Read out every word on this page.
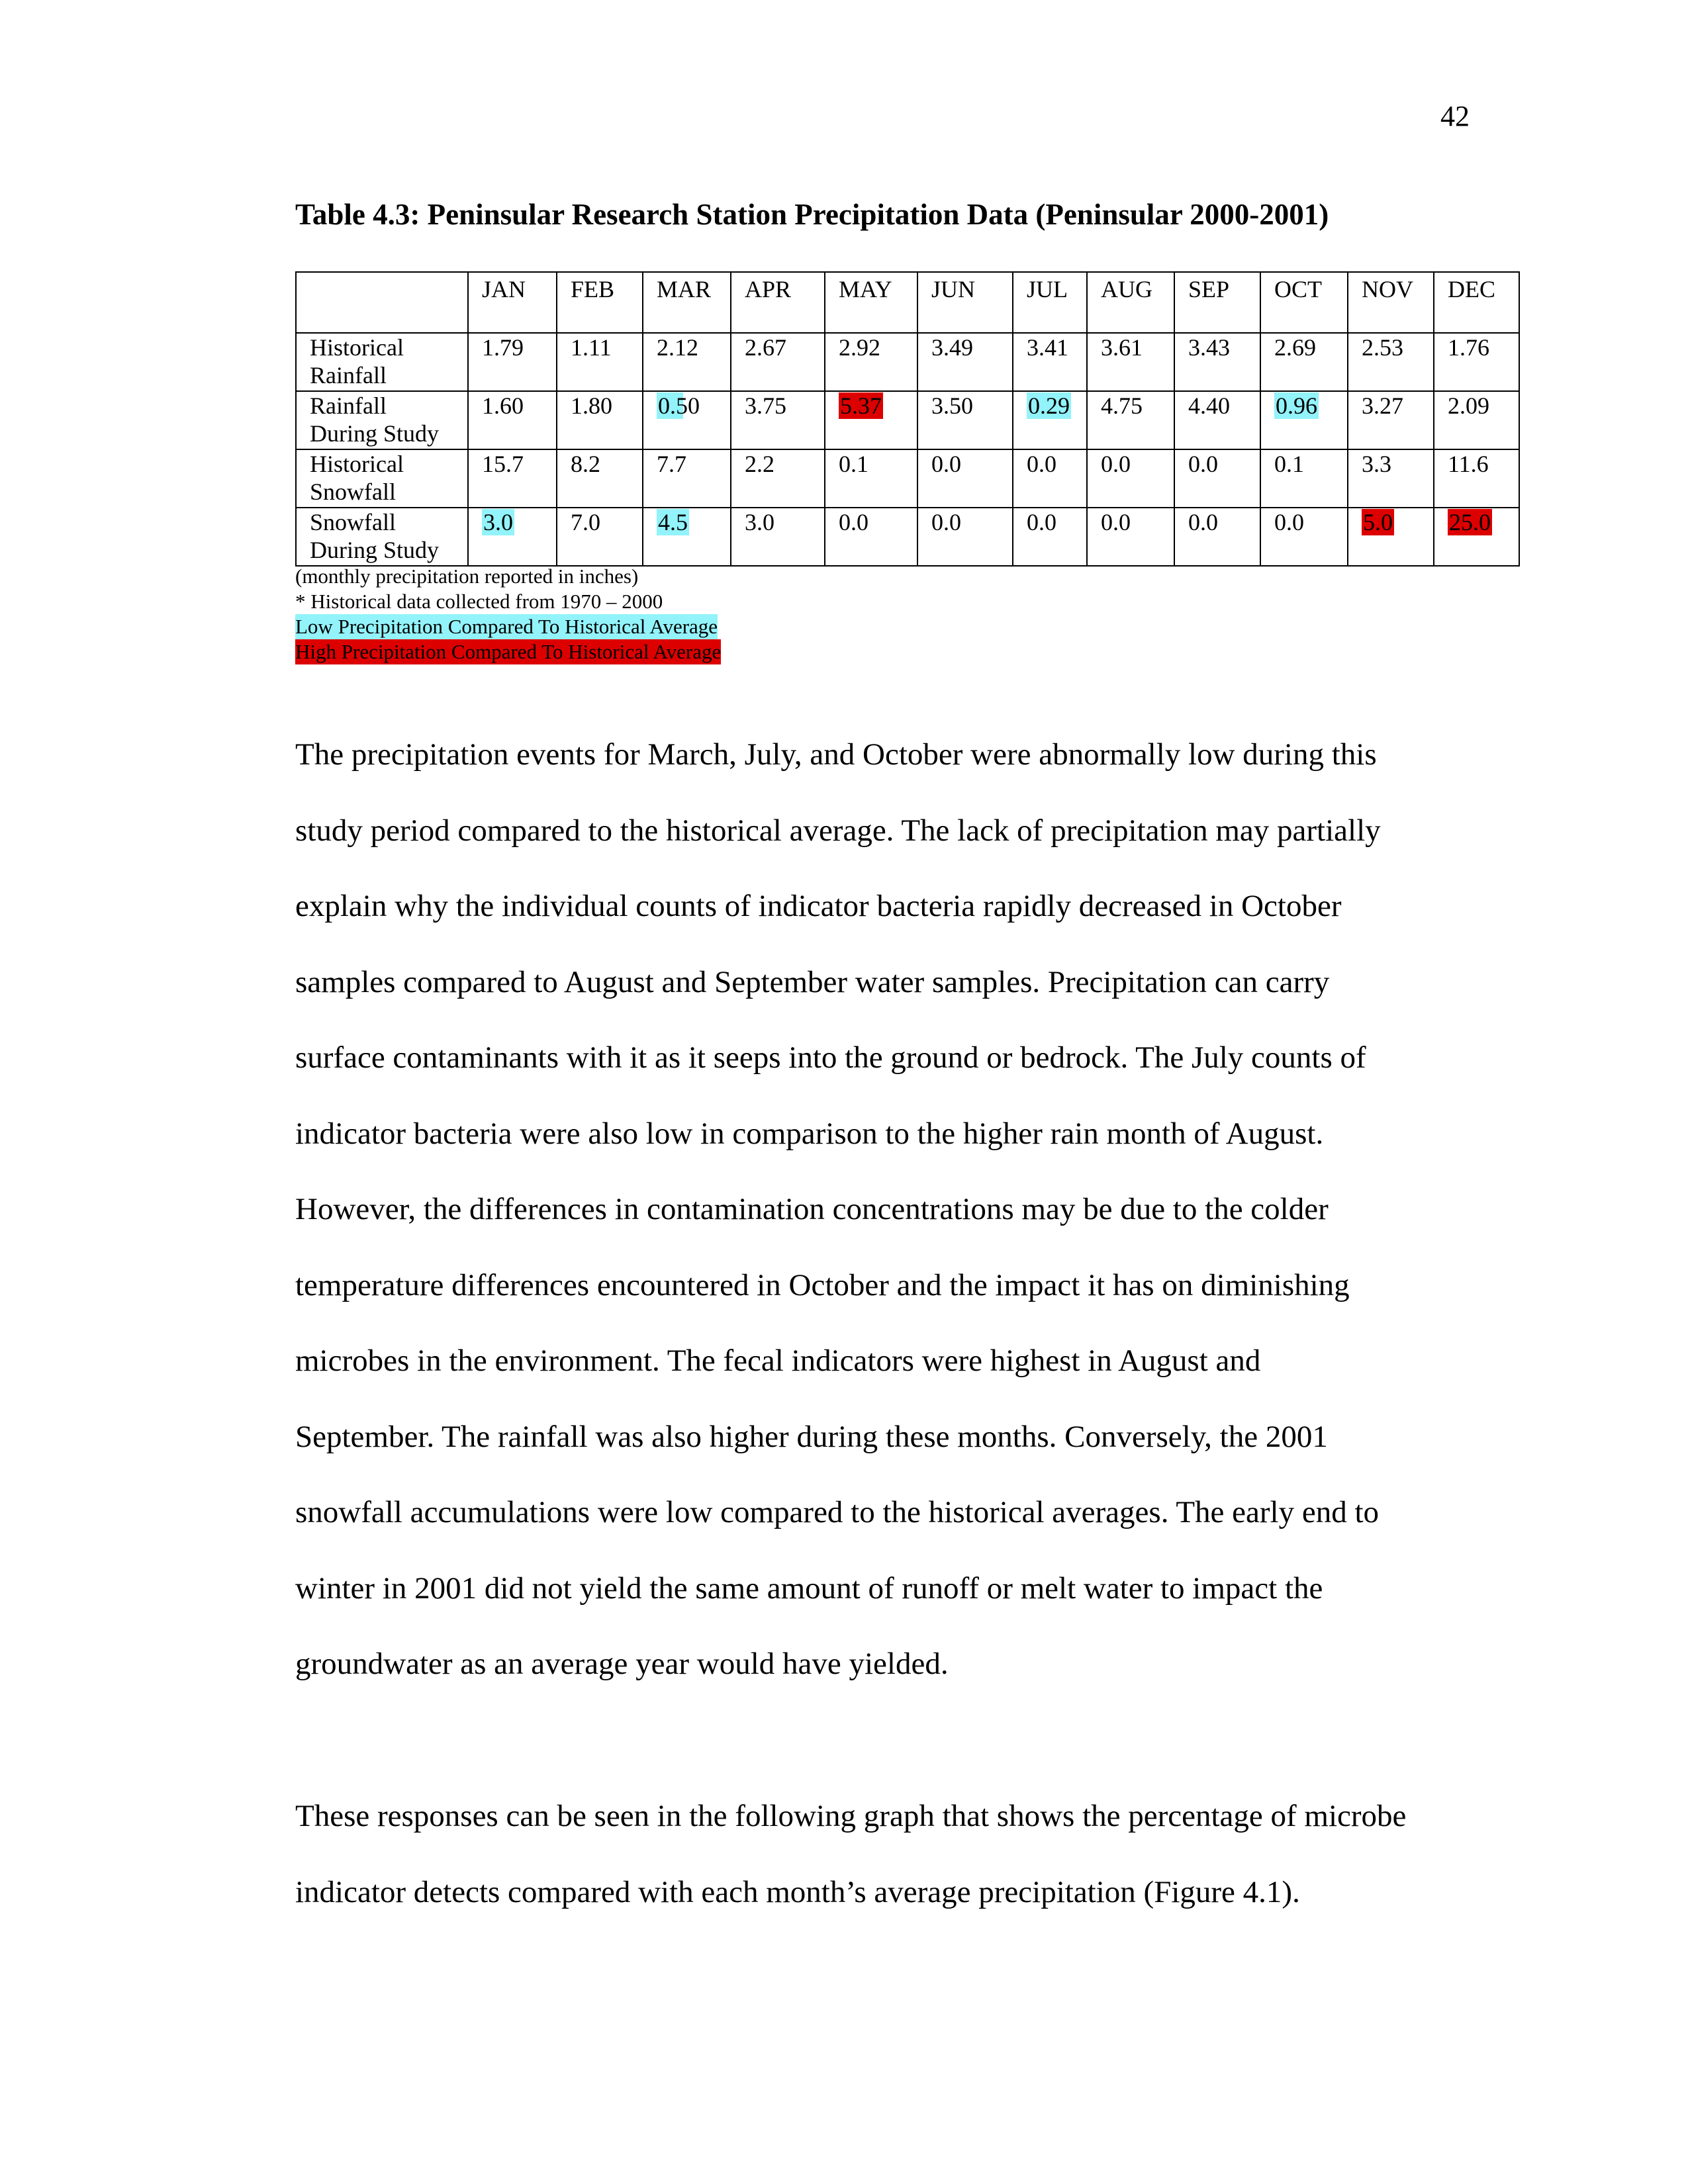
42
Table 4.3: Peninsular Research Station Precipitation Data (Peninsular 2000-2001)
	JAN	FEB	MAR	APR	MAY	JUN	JUL	AUG	SEP	OCT	NOV	DEC

Historical
Rainfall	1.79	1.11	2.12	2.67	2.92	3.49	3.41	3.61	3.43	2.69	2.53	1.76

Rainfall
During Study	1.60	1.80	0.50	3.75	5.37	3.50	0.29	4.75	4.40	0.96	3.27	2.09

Historical
Snowfall	15.7	8.2	7.7	2.2	0.1	0.0	0.0	0.0	0.0	0.1	3.3	11.6

Snowfall
During Study	3.0	7.0	4.5	3.0	0.0	0.0	0.0	0.0	0.0	0.0	5.0	25.0
(monthly precipitation reported in inches)
* Historical data collected from 1970 – 2000
Low Precipitation Compared To Historical Average
High Precipitation Compared To Historical Average
The precipitation events for March, July, and October were abnormally low during this
study period compared to the historical average. The lack of precipitation may partially
explain why the individual counts of indicator bacteria rapidly decreased in October
samples compared to August and September water samples. Precipitation can carry
surface contaminants with it as it seeps into the ground or bedrock. The July counts of
indicator bacteria were also low in comparison to the higher rain month of August.
However, the differences in contamination concentrations may be due to the colder
temperature differences encountered in October and the impact it has on diminishing
microbes in the environment. The fecal indicators were highest in August and
September. The rainfall was also higher during these months. Conversely, the 2001
snowfall accumulations were low compared to the historical averages. The early end to
winter in 2001 did not yield the same amount of runoff or melt water to impact the
groundwater as an average year would have yielded.
These responses can be seen in the following graph that shows the percentage of microbe
indicator detects compared with each month’s average precipitation (Figure 4.1).
